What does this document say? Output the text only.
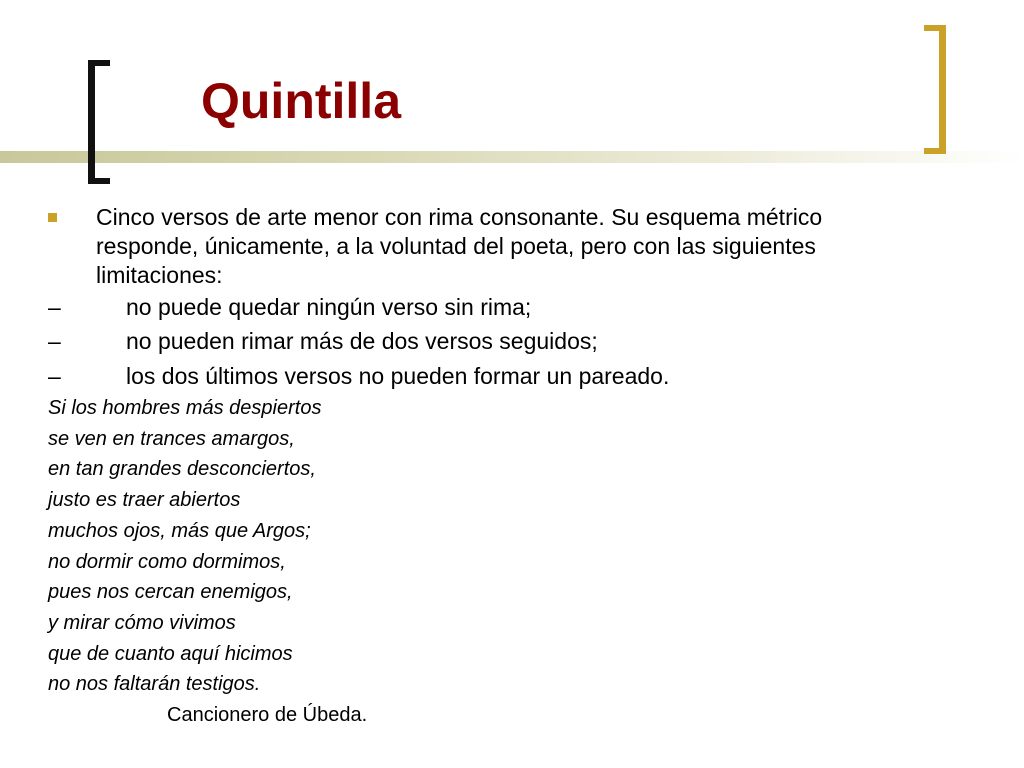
Quintilla

Cinco versos de arte menor con rima consonante. Su esquema métrico responde, únicamente, a la voluntad del poeta, pero con las siguientes limitaciones:

–	no puede quedar ningún verso sin rima;
–	no pueden rimar más de dos versos seguidos;
–	los dos últimos versos no pueden formar un pareado.
Si los hombres más despiertos
se ven en trances amargos,
en tan grandes desconciertos,
justo es traer abiertos
muchos ojos, más que Argos;
no dormir como dormimos,
pues nos cercan enemigos,
y mirar cómo vivimos
que de cuanto aquí hicimos
no nos faltarán testigos.
Cancionero de Úbeda.
